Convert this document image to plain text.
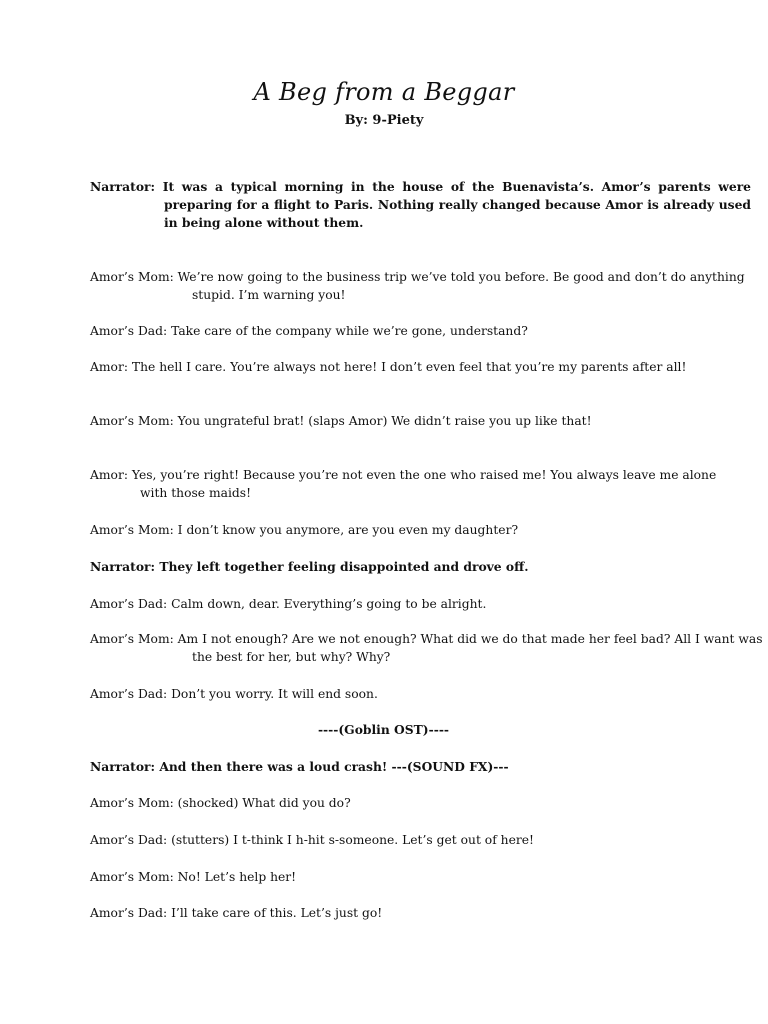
A Beg from a Beggar
By: 9-Piety

Narrator: It was a typical morning in the house of the Buenavista’s. Amor’s parents were preparing for a flight to Paris. Nothing really changed because Amor is already used in being alone without them.

Amor’s Mom: We’re now going to the business trip we’ve told you before. Be good and don’t do anything stupid. I’m warning you!

Amor’s Dad: Take care of the company while we’re gone, understand?

Amor: The hell I care. You’re always not here! I don’t even feel that you’re my parents after all!

Amor’s Mom: You ungrateful brat! (slaps Amor) We didn’t raise you up like that!

Amor: Yes, you’re right! Because you’re not even the one who raised me! You always leave me alone with those maids!

Amor’s Mom: I don’t know you anymore, are you even my daughter?

Narrator: They left together feeling disappointed and drove off.

Amor’s Dad: Calm down, dear. Everything’s going to be alright.

Amor’s Mom: Am I not enough? Are we not enough? What did we do that made her feel bad? All I want was the best for her, but why? Why?

Amor’s Dad: Don’t you worry. It will end soon.

----(Goblin OST)----

Narrator: And then there was a loud crash! ---(SOUND FX)---

Amor’s Mom: (shocked) What did you do?

Amor’s Dad: (stutters) I t-think I h-hit s-someone. Let’s get out of here!

Amor’s Mom: No! Let’s help her!

Amor’s Dad: I’ll take care of this. Let’s just go!
